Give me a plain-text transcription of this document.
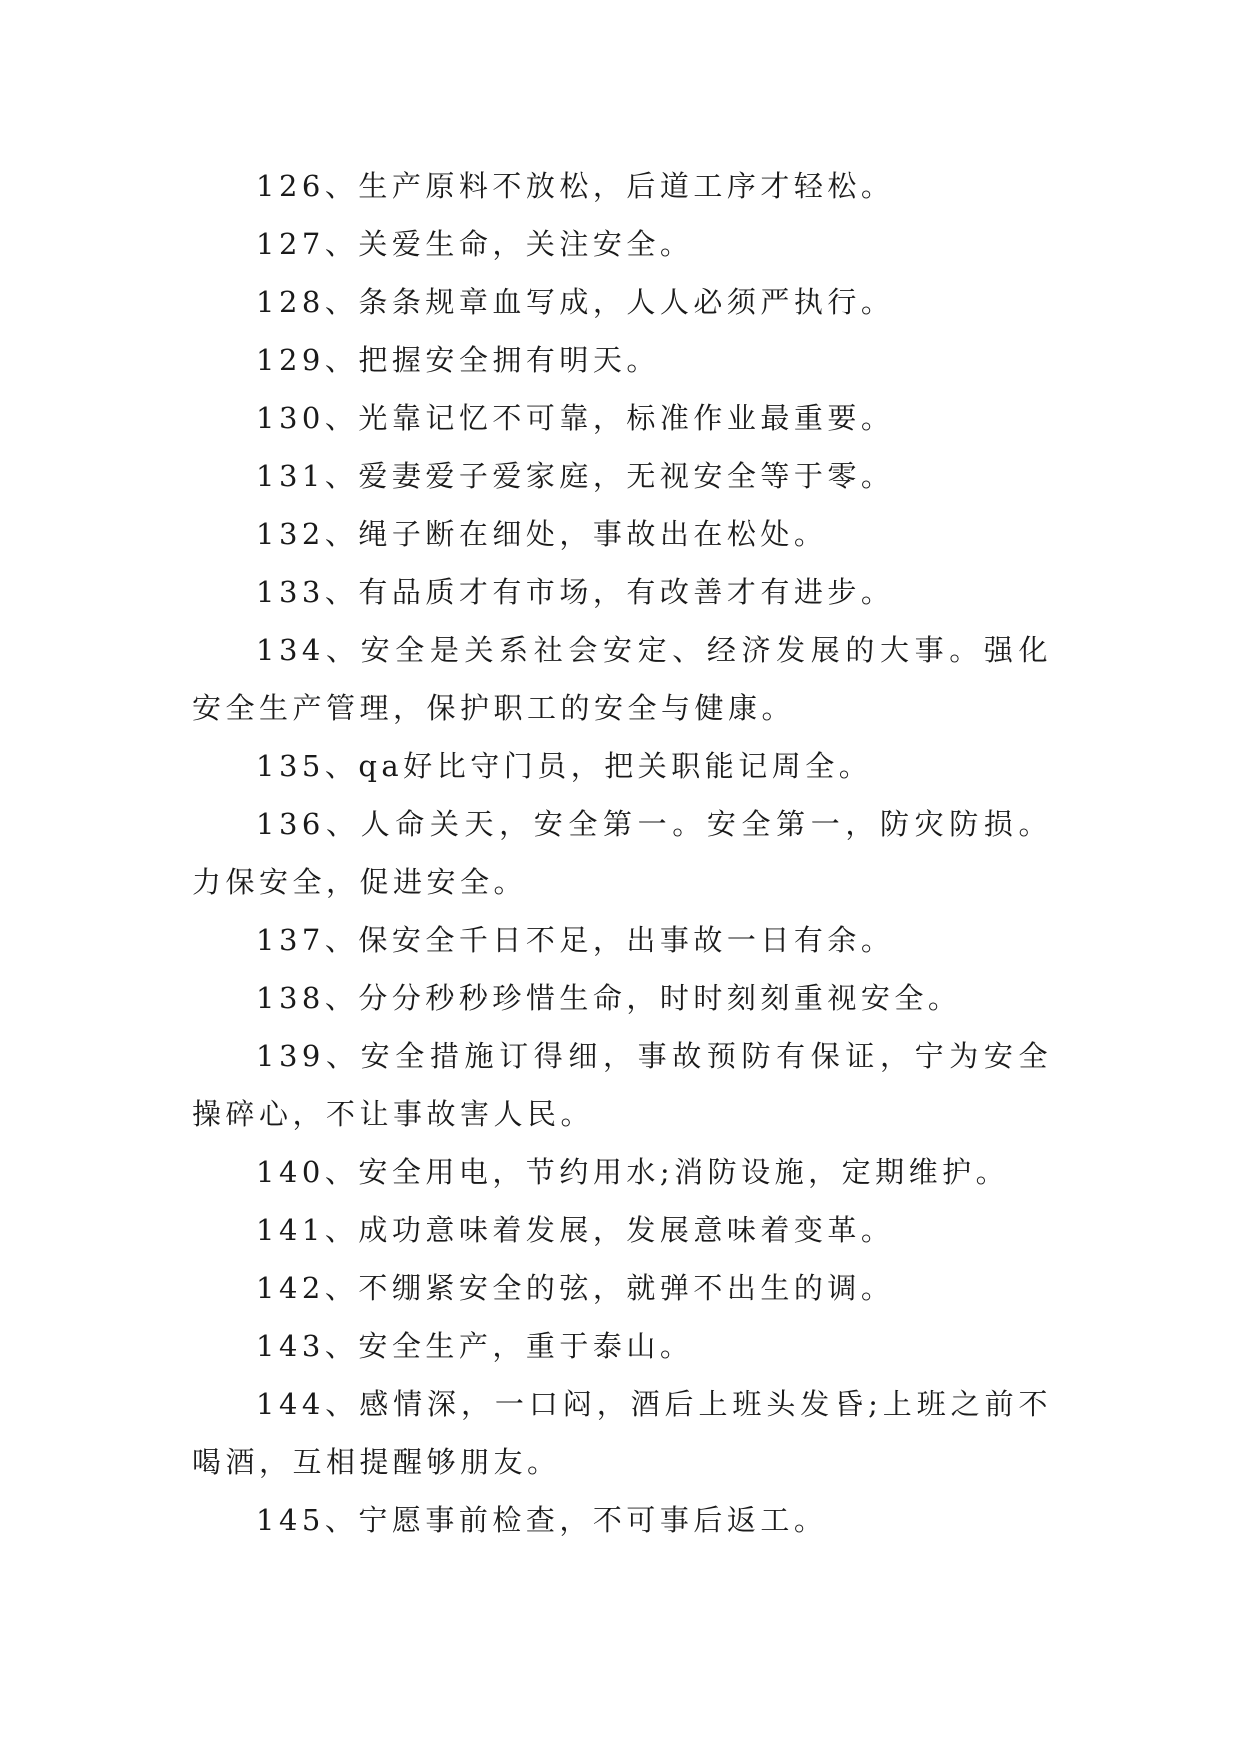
126、生产原料不放松，后道工序才轻松。

127、关爱生命，关注安全。

128、条条规章血写成，人人必须严执行。

129、把握安全拥有明天。

130、光靠记忆不可靠，标准作业最重要。

131、爱妻爱子爱家庭，无视安全等于零。

132、绳子断在细处，事故出在松处。

133、有品质才有市场，有改善才有进步。

134、安全是关系社会安定、经济发展的大事。强化安全生产管理，保护职工的安全与健康。

135、qa好比守门员，把关职能记周全。

136、人命关天，安全第一。安全第一，防灾防损。力保安全，促进安全。

137、保安全千日不足，出事故一日有余。

138、分分秒秒珍惜生命，时时刻刻重视安全。

139、安全措施订得细，事故预防有保证，宁为安全操碎心，不让事故害人民。

140、安全用电，节约用水;消防设施，定期维护。

141、成功意味着发展，发展意味着变革。

142、不绷紧安全的弦，就弹不出生的调。

143、安全生产，重于泰山。

144、感情深，一口闷，酒后上班头发昏;上班之前不喝酒，互相提醒够朋友。

145、宁愿事前检查，不可事后返工。
